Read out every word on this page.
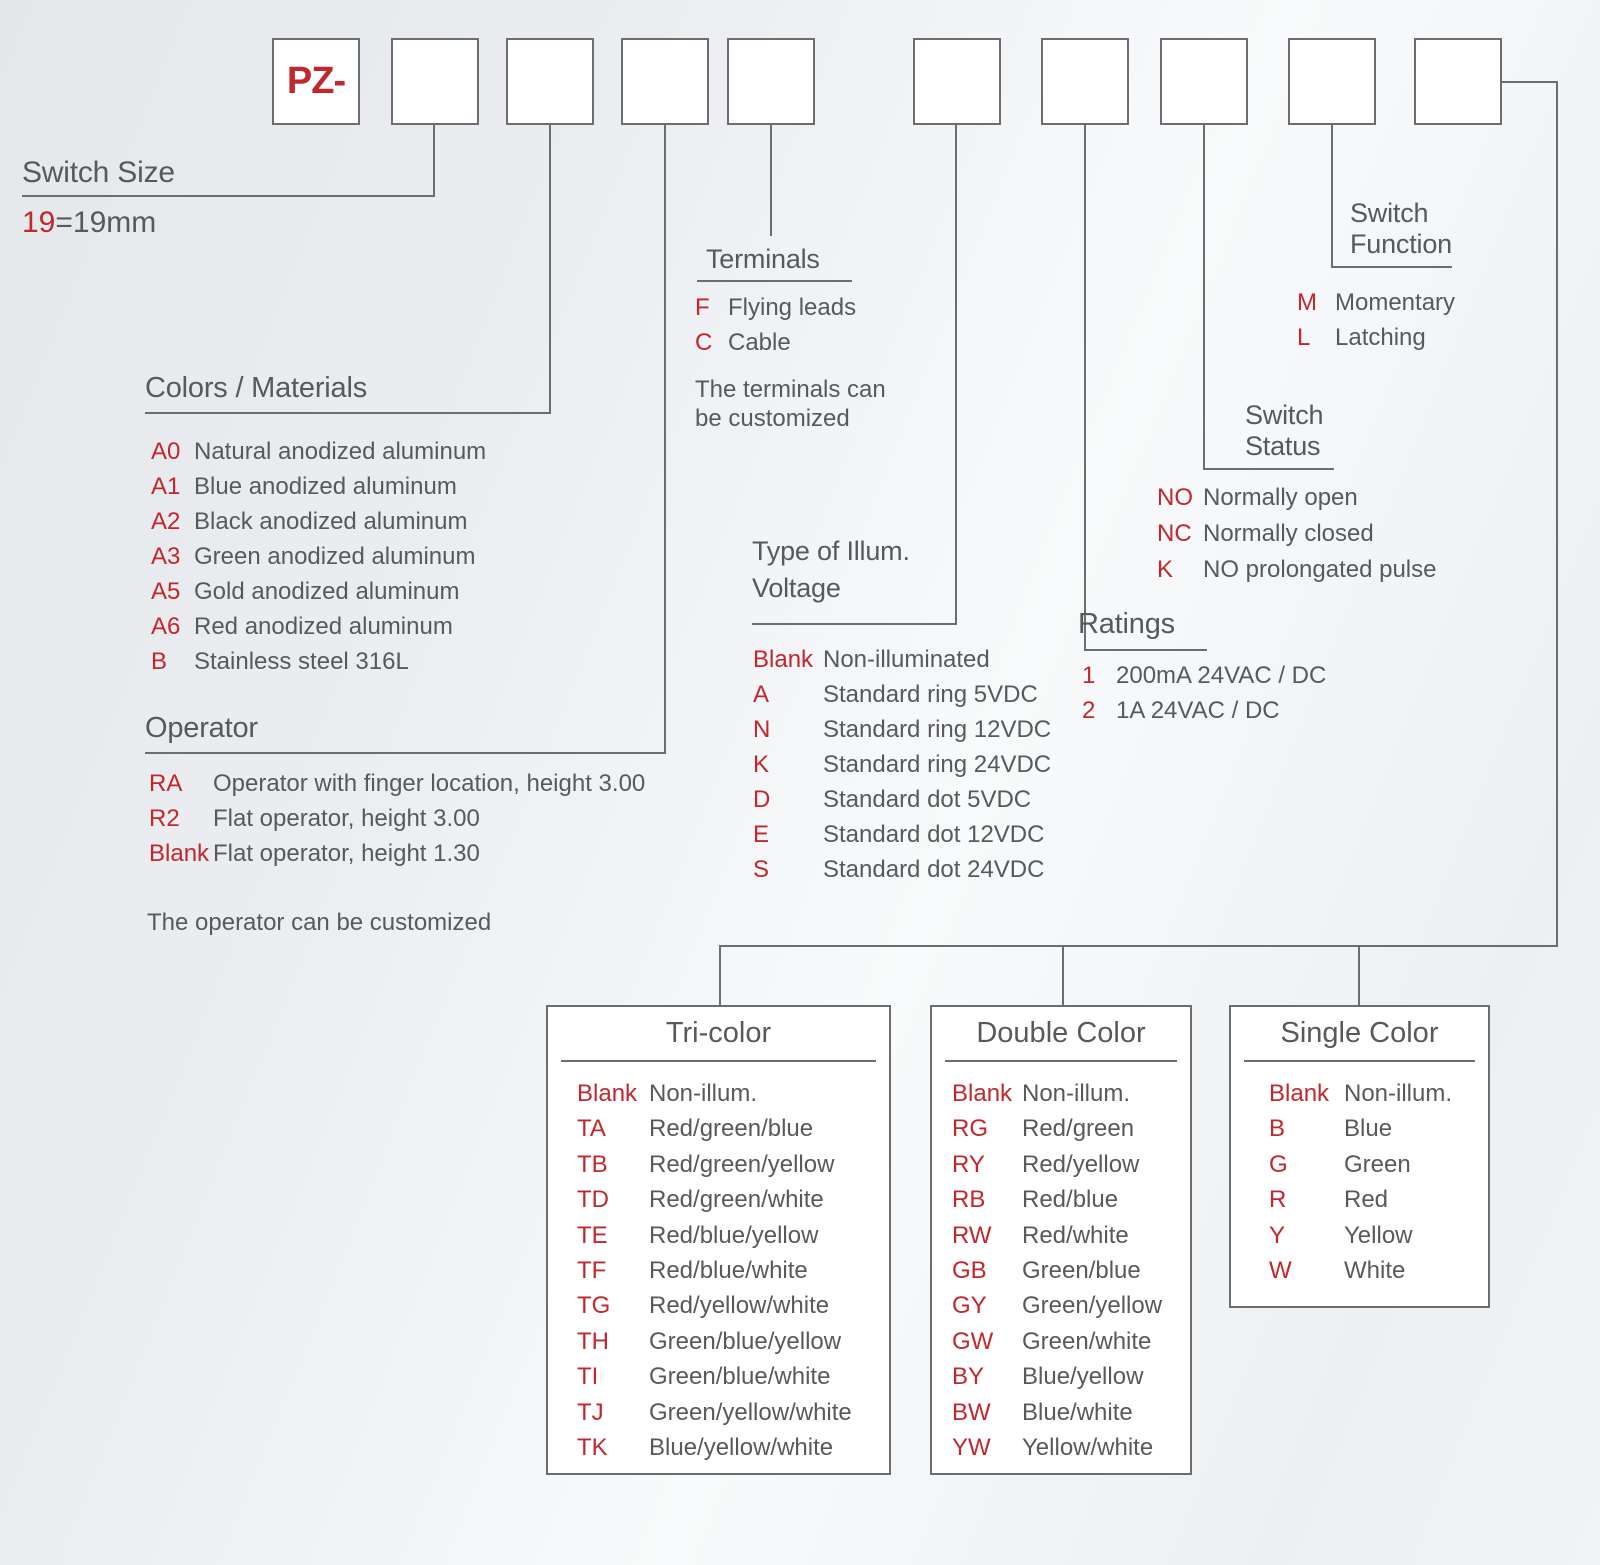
PZ-
Switch Size
19=19mm
Colors / Materials
A0 Natural anodized aluminum
A1 Blue anodized aluminum
A2 Black anodized aluminum
A3 Green anodized aluminum
A5 Gold anodized aluminum
A6 Red anodized aluminum
B	Stainless steel 316L
Operator
RA	Operator with finger location, height 3.00
R2	Flat operator, height 3.00
Blank Flat operator, height 1.30
The operator can be customized
Terminals
F Flying leads
C Cable
The terminals can
be customized
Type of Illum.
Voltage
Blank Non-illuminated
A	Standard ring 5VDC
N	Standard ring 12VDC
K	Standard ring 24VDC
D	Standard dot 5VDC
E	Standard dot 12VDC
S	Standard dot 24VDC
Ratings
1 200mA 24VAC / DC
2 1A 24VAC / DC
Switch
Status
NO Normally open
NC Normally closed
K	NO prolongated pulse
Switch
Function
M Momentary
L	Latching
Tri-color
Blank Non-illum.
TA	Red/green/blue
TB	Red/green/yellow
TD	Red/green/white
TE	Red/blue/yellow
TF	Red/blue/white
TG	Red/yellow/white
TH	Green/blue/yellow
TI	Green/blue/white
TJ	Green/yellow/white
TK	Blue/yellow/white
Double Color
Blank Non-illum.
RG	Red/green
RY	Red/yellow
RB	Red/blue
RW	Red/white
GB	Green/blue
GY	Green/yellow
GW	Green/white
BY	Blue/yellow
BW	Blue/white
YW	Yellow/white
Single Color
Blank Non-illum.
B	Blue
G	Green
R	Red
Y	Yellow
W	White
